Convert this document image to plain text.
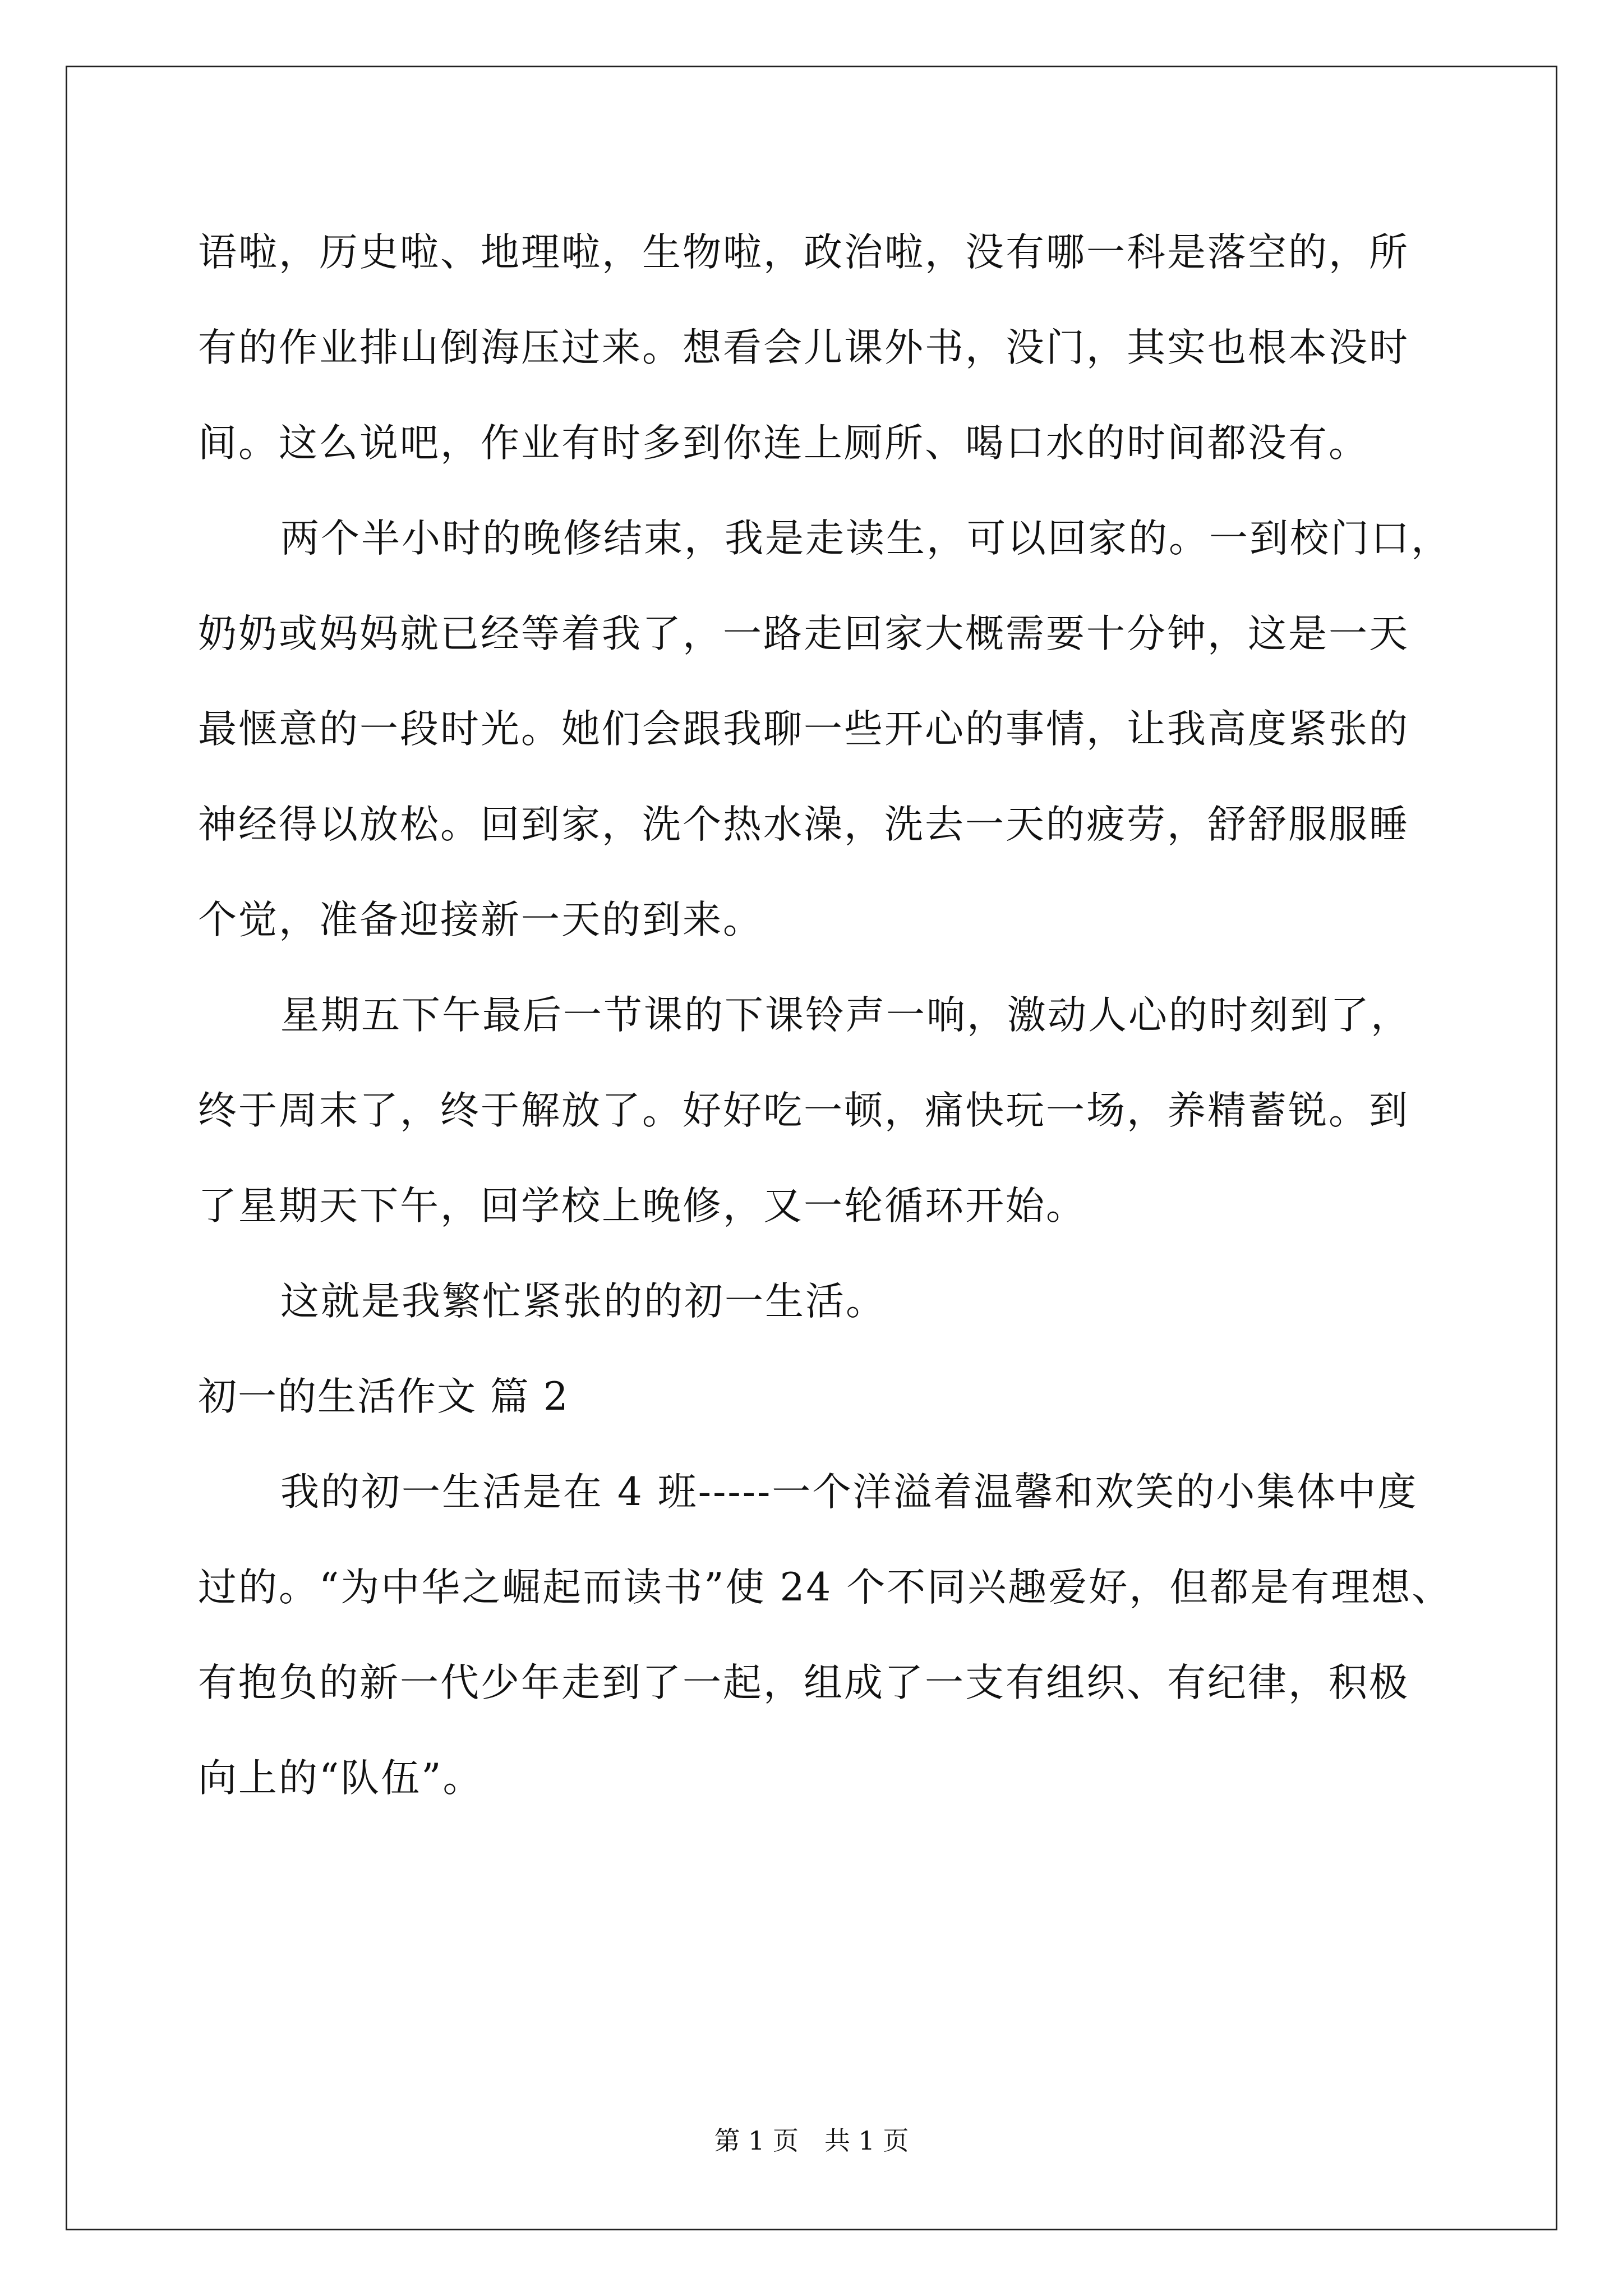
语啦，历史啦、地理啦，生物啦，政治啦，没有哪一科是落空的，所
有的作业排山倒海压过来。想看会儿课外书，没门，其实也根本没时
间。这么说吧，作业有时多到你连上厕所、喝口水的时间都没有。
两个半小时的晚修结束，我是走读生，可以回家的。一到校门口，
奶奶或妈妈就已经等着我了，一路走回家大概需要十分钟，这是一天
最惬意的一段时光。她们会跟我聊一些开心的事情，让我高度紧张的
神经得以放松。回到家，洗个热水澡，洗去一天的疲劳，舒舒服服睡
个觉，准备迎接新一天的到来。
星期五下午最后一节课的下课铃声一响，激动人心的时刻到了，
终于周末了，终于解放了。好好吃一顿，痛快玩一场，养精蓄锐。到
了星期天下午，回学校上晚修，又一轮循环开始。
这就是我繁忙紧张的的初一生活。
初一的生活作文 篇 2
我的初一生活是在 4 班-----一个洋溢着温馨和欢笑的小集体中度
过的。“为中华之崛起而读书”使 24 个不同兴趣爱好，但都是有理想、
有抱负的新一代少年走到了一起，组成了一支有组织、有纪律，积极
向上的“队伍”。
第 1 页　共 1 页
